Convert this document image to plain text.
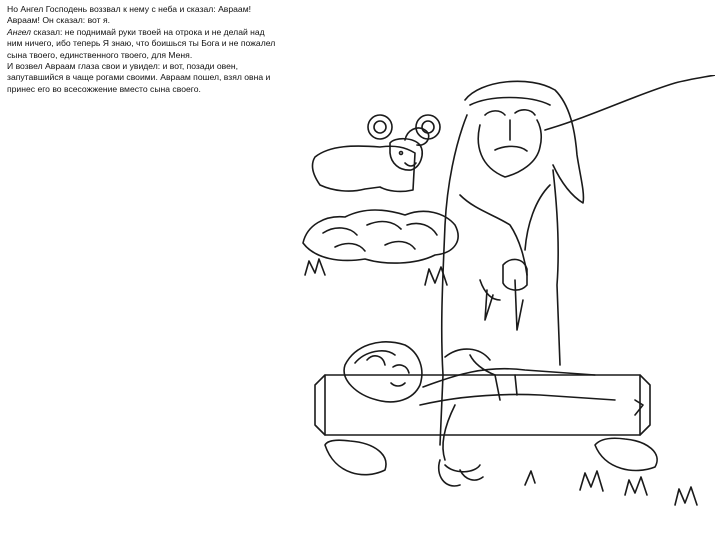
Но Ангел Господень воззвал к нему с неба и сказал: Авраам!

Авраам! Он сказал: вот я.

Ангел сказал: не поднимай руки твоей на отрока и не делай над ним ничего, ибо теперь Я знаю, что боишься ты Бога и не пожалел сына твоего, единственного твоего, для Меня.

И возвел Авраам глаза свои и увидел: и вот, позади овен, запутавшийся в чаще рогами своими. Авраам пошел, взял овна и принес его во всесожжение вместо сына своего.
